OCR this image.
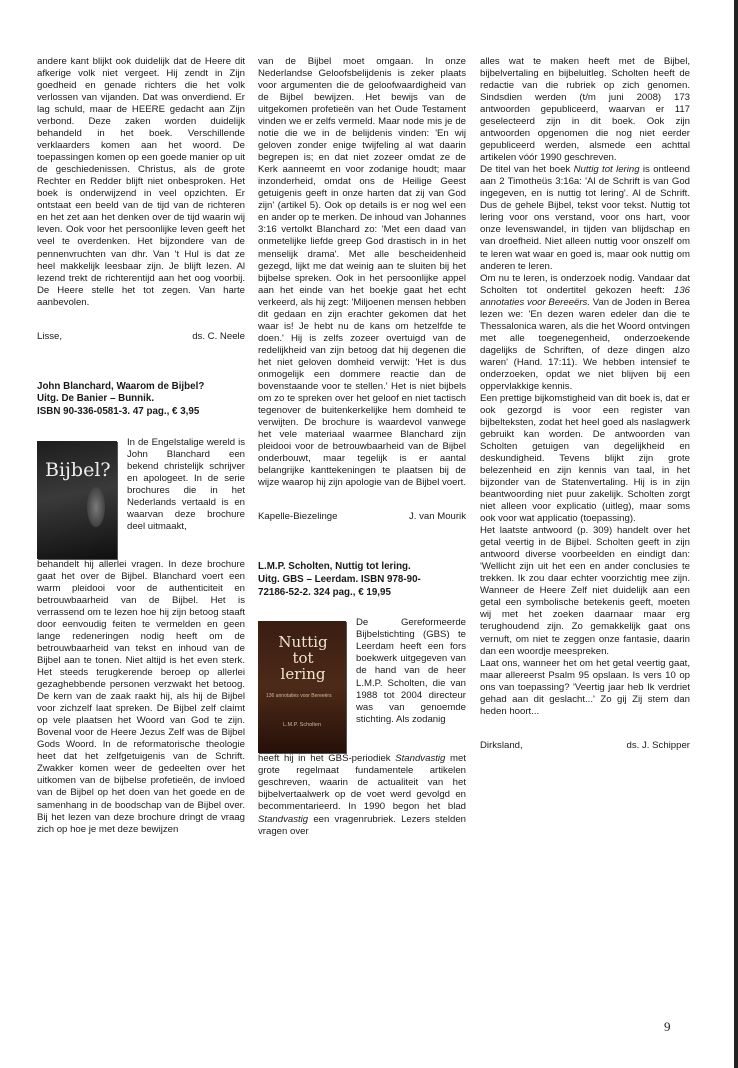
andere kant blijkt ook duidelijk dat de Heere dit afkerige volk niet vergeet. Hij zendt in Zijn goedheid en genade richters die het volk verlossen van vijanden. Dat was onverdiend. Er lag schuld, maar de HEERE gedacht aan Zijn verbond. Deze zaken worden duidelijk behandeld in het boek. Verschillende verklaarders komen aan het woord. De toepassingen komen op een goede manier op uit de geschiedenissen. Christus, als de grote Rechter en Redder blijft niet onbesproken. Het boek is onderwijzend in veel opzichten. Er ontstaat een beeld van de tijd van de richteren en het zet aan het denken over de tijd waarin wij leven. Ook voor het persoonlijke leven geeft het veel te overdenken. Het bijzondere van de pennenvruchten van dhr. Van 't Hul is dat ze heel makkelijk leesbaar zijn. Je blijft lezen. Al lezend trekt de richterentijd aan het oog voorbij. De Heere stelle het tot zegen. Van harte aanbevolen.

Lisse,	ds. C. Neele
John Blanchard, Waarom de Bijbel?
Uitg. De Banier – Bunnik.
ISBN 90-336-0581-3. 47 pag., € 3,95
Bijbel?

In de Engelstalige wereld is John Blanchard een bekend christelijk schrijver en apologeet. In de serie brochures die in het Nederlands vertaald is en waarvan deze brochure deel uitmaakt,

behandelt hij allerlei vragen. In deze brochure gaat het over de Bijbel. Blanchard voert een warm pleidooi voor de authenticiteit en betrouwbaarheid van de Bijbel. Het is verrassend om te lezen hoe hij zijn betoog staaft door eenvoudig feiten te vermelden en geen lange redeneringen nodig heeft om de betrouwbaarheid van tekst en inhoud van de Bijbel aan te tonen. Niet altijd is het even sterk. Het steeds terugkerende beroep op allerlei gezaghebbende personen verzwakt het betoog. De kern van de zaak raakt hij, als hij de Bijbel voor zichzelf laat spreken. De Bijbel zelf claimt op vele plaatsen het Woord van God te zijn. Bovenal voor de Heere Jezus Zelf was de Bijbel Gods Woord. In de reformatorische theologie heet dat het zelfgetuigenis van de Schrift. Zwakker komen weer de gedeelten over het uitkomen van de bijbelse profetieën, de invloed van de Bijbel op het doen van het goede en de samenhang in de boodschap van de Bijbel over. Bij het lezen van deze brochure dringt de vraag zich op hoe je met deze bewijzen

van de Bijbel moet omgaan. In onze Nederlandse Geloofsbelijdenis is zeker plaats voor argumenten die de geloofwaardigheid van de Bijbel bewijzen. Het bewijs van de uitgekomen profetieën van het Oude Testament vinden we er zelfs vermeld. Maar node mis je de notie die we in de belijdenis vinden: 'En wij geloven zonder enige twijfeling al wat daarin begrepen is; en dat niet zozeer omdat ze de Kerk aanneemt en voor zodanige houdt; maar inzonderheid, omdat ons de Heilige Geest getuigenis geeft in onze harten dat zij van God zijn' (artikel 5). Ook op details is er nog wel een en ander op te merken. De inhoud van Johannes 3:16 vertolkt Blanchard zo: 'Met een daad van onmetelijke liefde greep God drastisch in in het menselijk drama'. Met alle bescheidenheid gezegd, lijkt me dat weinig aan te sluiten bij het bijbelse spreken. Ook in het persoonlijke appel aan het einde van het boekje gaat het echt verkeerd, als hij zegt: 'Miljoenen mensen hebben dit gedaan en zijn erachter gekomen dat het waar is! Je hebt nu de kans om hetzelfde te doen.' Hij is zelfs zozeer overtuigd van de redelijkheid van zijn betoog dat hij degenen die het niet geloven domheid verwijt: 'Het is dus onmogelijk een dommere reactie dan de bovenstaande voor te stellen.' Het is niet bijbels om zo te spreken over het geloof en niet tactisch tegenover de buitenkerkelijke hem domheid te verwijten. De brochure is waardevol vanwege het vele materiaal waarmee Blanchard zijn pleidooi voor de betrouwbaarheid van de Bijbel onderbouwt, maar tegelijk is er aantal belangrijke kanttekeningen te plaatsen bij de wijze waarop hij zijn apologie van de Bijbel voert.

Kapelle-Biezelinge	J. van Mourik
L.M.P. Scholten, Nuttig tot lering.
Uitg. GBS – Leerdam. ISBN 978-90-
72186-52-2. 324 pag., € 19,95
Nuttig
tot
lering
136 annotaties voor Bereeërs
L.M.P. Scholten

De Gereformeerde Bijbelstichting (GBS) te Leerdam heeft een fors boekwerk uitgegeven van de hand van de heer L.M.P. Scholten, die van 1988 tot 2004 directeur was van genoemde stichting. Als zodanig

heeft hij in het GBS-periodiek Standvastig met grote regelmaat fundamentele artikelen geschreven, waarin de actualiteit van het bijbelvertaalwerk op de voet werd gevolgd en becommentarieerd. In 1990 begon het blad Standvastig een vragenrubriek. Lezers stelden vragen over

alles wat te maken heeft met de Bijbel, bijbelvertaling en bijbeluitleg. Scholten heeft de redactie van die rubriek op zich genomen. Sindsdien werden (t/m juni 2008) 173 antwoorden gepubliceerd, waarvan er 117 geselecteerd zijn in dit boek. Ook zijn antwoorden opgenomen die nog niet eerder gepubliceerd werden, alsmede een achttal artikelen vóór 1990 geschreven.

De titel van het boek Nuttig tot lering is ontleend aan 2 Timotheüs 3:16a: 'Al de Schrift is van God ingegeven, en is nuttig tot lering'. Al de Schrift. Dus de gehele Bijbel, tekst voor tekst. Nuttig tot lering voor ons verstand, voor ons hart, voor onze levenswandel, in tijden van blijdschap en van droefheid. Niet alleen nuttig voor onszelf om te leren wat waar en goed is, maar ook nuttig om anderen te leren.

Om nu te leren, is onderzoek nodig. Vandaar dat Scholten tot ondertitel gekozen heeft: 136 annotaties voor Bereeërs. Van de Joden in Berea lezen we: 'En dezen waren edeler dan die te Thessalonica waren, als die het Woord ontvingen met alle toegenegenheid, onderzoekende dagelijks de Schriften, of deze dingen alzo waren' (Hand. 17:11). We hebben intensief te onderzoeken, opdat we niet blijven bij een oppervlakkige kennis.

Een prettige bijkomstigheid van dit boek is, dat er ook gezorgd is voor een register van bijbelteksten, zodat het heel goed als naslagwerk gebruikt kan worden. De antwoorden van Scholten getuigen van degelijkheid en deskundigheid. Tevens blijkt zijn grote belezenheid en zijn kennis van taal, in het bijzonder van de Statenvertaling. Hij is in zijn beantwoording niet puur zakelijk. Scholten zorgt niet alleen voor explicatio (uitleg), maar soms ook voor wat applicatio (toepassing).

Het laatste antwoord (p. 309) handelt over het getal veertig in de Bijbel. Scholten geeft in zijn antwoord diverse voorbeelden en eindigt dan: 'Wellicht zijn uit het een en ander conclusies te trekken. Ik zou daar echter voorzichtig mee zijn. Wanneer de Heere Zelf niet duidelijk aan een getal een symbolische betekenis geeft, moeten wij met het zoeken daarnaar maar erg terughoudend zijn. Zo gemakkelijk gaat ons vernuft, om niet te zeggen onze fantasie, daarin dan een woordje meespreken.

Laat ons, wanneer het om het getal veertig gaat, maar allereerst Psalm 95 opslaan. Is vers 10 op ons van toepassing? 'Veertig jaar heb Ik verdriet gehad aan dit geslacht...' Zo gij Zij stem dan heden hoort...

Dirksland,	ds. J. Schipper
9
